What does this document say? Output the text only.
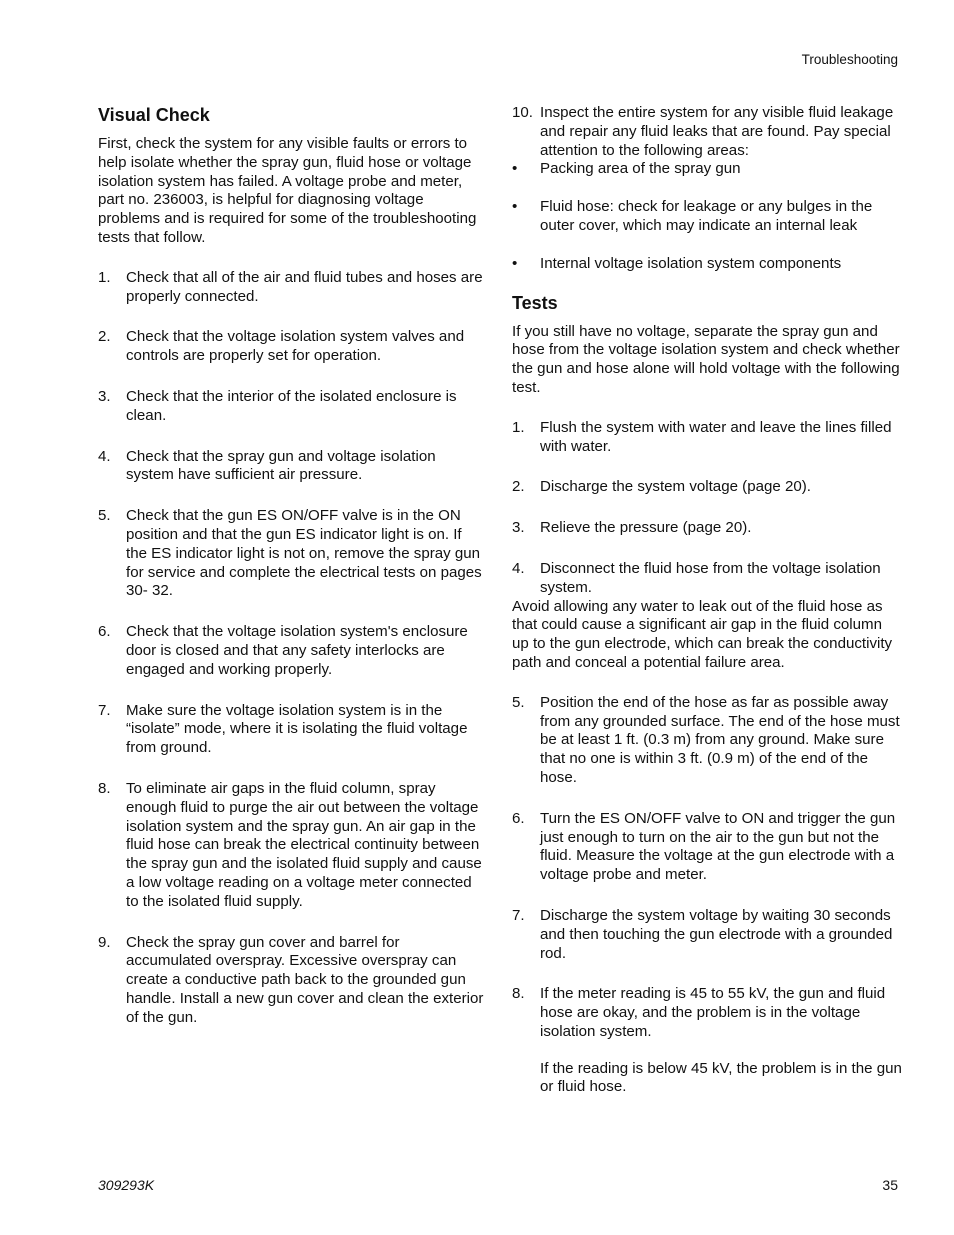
Troubleshooting
Visual Check

First, check the system for any visible faults or errors to help isolate whether the spray gun, fluid hose or voltage isolation system has failed. A voltage probe and meter, part no. 236003, is helpful for diagnosing voltage problems and is required for some of the troubleshooting tests that follow.

1.	Check that all of the air and fluid tubes and hoses are properly connected.
2.	Check that the voltage isolation system valves and controls are properly set for operation.
3.	Check that the interior of the isolated enclosure is clean.
4.	Check that the spray gun and voltage isolation system have sufficient air pressure.
5.	Check that the gun ES ON/OFF valve is in the ON position and that the gun ES indicator light is on. If the ES indicator light is not on, remove the spray gun for service and complete the electrical tests on pages 30- 32.
6.	Check that the voltage isolation system's enclosure door is closed and that any safety interlocks are engaged and working properly.
7.	Make sure the voltage isolation system is in the “isolate” mode, where it is isolating the fluid voltage from ground.
8.	To eliminate air gaps in the fluid column, spray enough fluid to purge the air out between the voltage isolation system and the spray gun. An air gap in the fluid hose can break the electrical continuity between the spray gun and the isolated fluid supply and cause a low voltage reading on a voltage meter connected to the isolated fluid supply.
9.	Check the spray gun cover and barrel for accumulated overspray. Excessive overspray can create a conductive path back to the grounded gun handle. Install a new gun cover and clean the exterior of the gun.
10. Inspect the entire system for any visible fluid leakage and repair any fluid leaks that are found. Pay special attention to the following areas:
•	Packing area of the spray gun
•	Fluid hose: check for leakage or any bulges in the outer cover, which may indicate an internal leak
•	Internal voltage isolation system components
Tests

If you still have no voltage, separate the spray gun and hose from the voltage isolation system and check whether the gun and hose alone will hold voltage with the following test.

1.	Flush the system with water and leave the lines filled with water.
2.	Discharge the system voltage (page 20).
3.	Relieve the pressure (page 20).
4.	Disconnect the fluid hose from the voltage isolation system.

Avoid allowing any water to leak out of the fluid hose as that could cause a significant air gap in the fluid column up to the gun electrode, which can break the conductivity path and conceal a potential failure area.

5.	Position the end of the hose as far as possible away from any grounded surface. The end of the hose must be at least 1 ft. (0.3 m) from any ground. Make sure that no one is within 3 ft. (0.9 m) of the end of the hose.
6.	Turn the ES ON/OFF valve to ON and trigger the gun just enough to turn on the air to the gun but not the fluid. Measure the voltage at the gun electrode with a voltage probe and meter.
7.	Discharge the system voltage by waiting 30 seconds and then touching the gun electrode with a grounded rod.
8.	If the meter reading is 45 to 55 kV, the gun and fluid hose are okay, and the problem is in the voltage isolation system.

If the reading is below 45 kV, the problem is in the gun or fluid hose.

309293K	35
